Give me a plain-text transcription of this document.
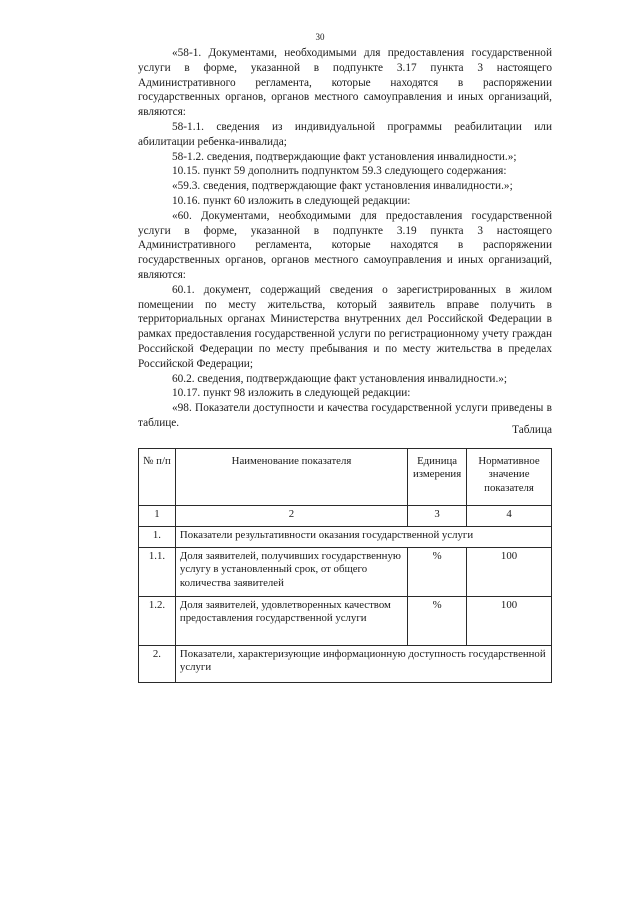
30

«58-1. Документами, необходимыми для предоставления государственной услуги в форме, указанной в подпункте 3.17 пункта 3 настоящего Административного регламента, которые находятся в распоряжении государственных органов, органов местного самоуправления и иных организаций, являются:

58-1.1. сведения из индивидуальной программы реабилитации или абилитации ребенка-инвалида;

58-1.2. сведения, подтверждающие факт установления инвалидности.»;

10.15. пункт 59 дополнить подпунктом 59.3 следующего содержания:

«59.3. сведения, подтверждающие факт установления инвалидности.»;

10.16. пункт 60 изложить в следующей редакции:

«60. Документами, необходимыми для предоставления государственной услуги в форме, указанной в подпункте 3.19 пункта 3 настоящего Административного регламента, которые находятся в распоряжении государственных органов, органов местного самоуправления и иных организаций, являются:

60.1. документ, содержащий сведения о зарегистрированных в жилом помещении по месту жительства, который заявитель вправе получить в территориальных органах Министерства внутренних дел Российской Федерации в рамках предоставления государственной услуги по регистрационному учету граждан Российской Федерации по месту пребывания и по месту жительства в пределах Российской Федерации;

60.2. сведения, подтверждающие факт установления инвалидности.»;

10.17. пункт 98 изложить в следующей редакции:

«98. Показатели доступности и качества государственной услуги приведены в таблице.

Таблица
№ п/п	Наименование показателя	Единица измерения	Нормативное значение показателя
1	2	3	4
1.	Показатели результативности оказания государственной услуги		
1.1.	Доля заявителей, получивших государственную услугу в установленный срок, от общего количества заявителей	%	100
1.2.	Доля заявителей, удовлетворенных качеством предоставления государственной услуги	%	100
2.	Показатели, характеризующие информационную доступность государственной услуги		
